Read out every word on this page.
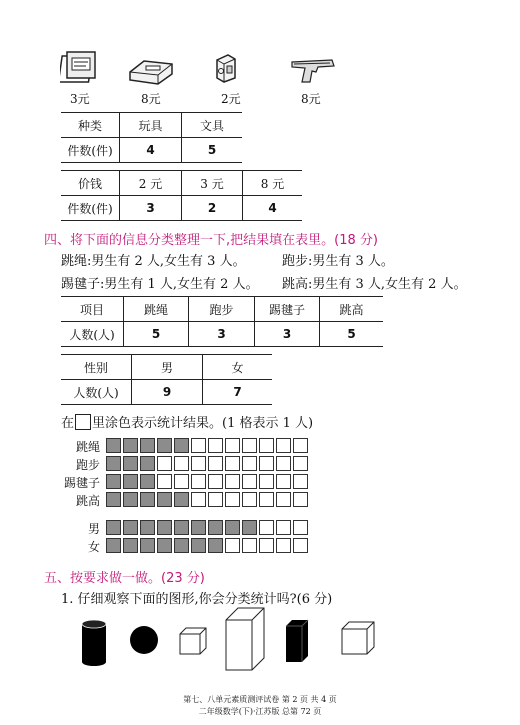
3元	8元	2元	8元
种类	玩具	文具
件数(件)	4	5
价钱	2 元	3 元	8 元
件数(件)	3	2	4
四、将下面的信息分类整理一下,把结果填在表里。(18 分)
跳绳:男生有 2 人,女生有 3 人。	跑步:男生有 3 人。
踢毽子:男生有 1 人,女生有 2 人。 跳高:男生有 3 人,女生有 2 人。
项目	跳绳	跑步	踢毽子	跳高
人数(人)	5	3	3	5
性别	男	女
人数(人)	9	7
在 里涂色表示统计结果。(1 格表示 1 人)
跳绳
跑步
踢毽子
跳高
男
女
五、按要求做一做。(23 分)
1. 仔细观察下面的图形,你会分类统计吗?(6 分)
第七、八单元素质测评试卷 第 2 页 共 4 页
二年级数学(下)·江苏版 总第 72 页
